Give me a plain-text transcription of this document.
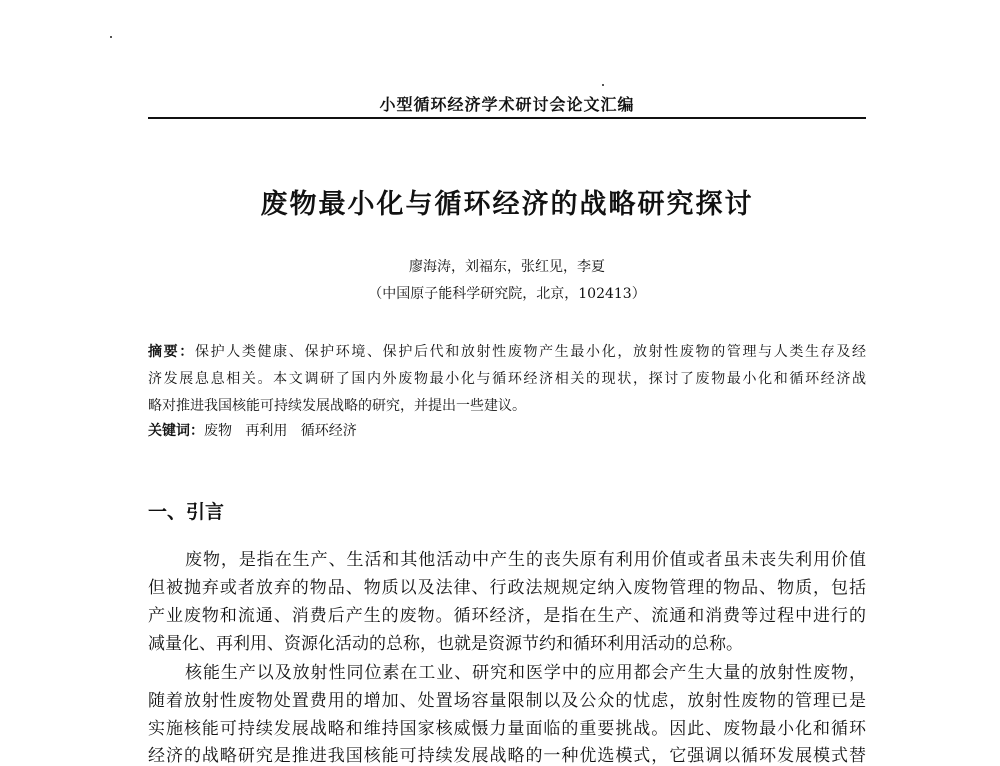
小型循环经济学术研讨会论文汇编
废物最小化与循环经济的战略研究探讨
廖海涛，刘福东，张红见，李夏
（中国原子能科学研究院，北京，102413）
摘要：保护人类健康、保护环境、保护后代和放射性废物产生最小化，放射性废物的管理与人类生存及经
济发展息息相关。本文调研了国内外废物最小化与循环经济相关的现状，探讨了废物最小化和循环经济战
略对推进我国核能可持续发展战略的研究，并提出一些建议。
关键词：废物 再利用 循环经济
一、引言
废物，是指在生产、生活和其他活动中产生的丧失原有利用价值或者虽未丧失利用价值
但被抛弃或者放弃的物品、物质以及法律、行政法规规定纳入废物管理的物品、物质，包括
产业废物和流通、消费后产生的废物。循环经济，是指在生产、流通和消费等过程中进行的
减量化、再利用、资源化活动的总称，也就是资源节约和循环利用活动的总称。
核能生产以及放射性同位素在工业、研究和医学中的应用都会产生大量的放射性废物，
随着放射性废物处置费用的增加、处置场容量限制以及公众的忧虑，放射性废物的管理已是
实施核能可持续发展战略和维持国家核威慑力量面临的重要挑战。因此、废物最小化和循环
经济的战略研究是推进我国核能可持续发展战略的一种优选模式，它强调以循环发展模式替
